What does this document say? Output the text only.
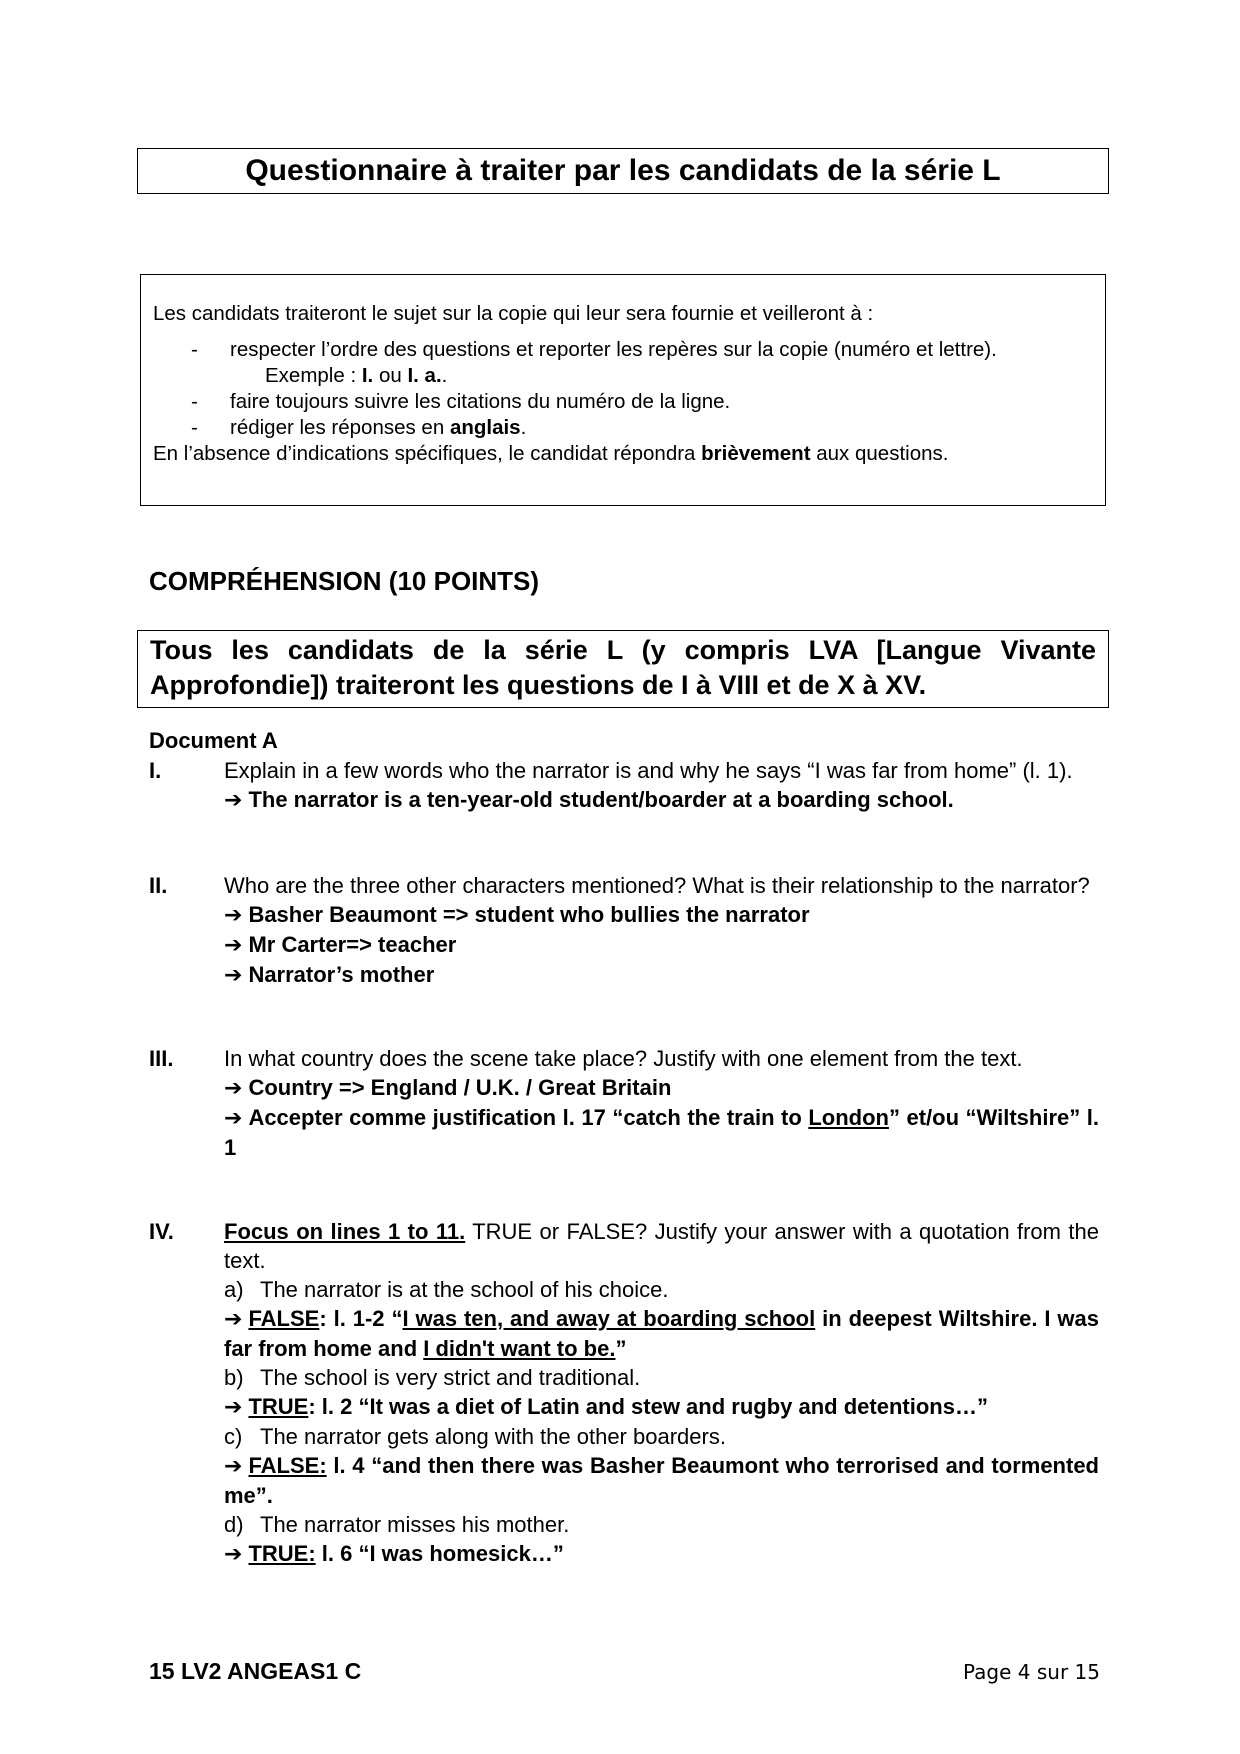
Questionnaire à traiter par les candidats de la série L
Les candidats traiteront le sujet sur la copie qui leur sera fournie et veilleront à :
- respecter l’ordre des questions et reporter les repères sur la copie (numéro et lettre).
Exemple : I. ou I. a..
- faire toujours suivre les citations du numéro de la ligne.
- rédiger les réponses en anglais.
En l’absence d’indications spécifiques, le candidat répondra brièvement aux questions.
COMPRÉHENSION (10 POINTS)
Tous les candidats de la série L (y compris LVA [Langue Vivante Approfondie]) traiteront les questions de I à VIII et de X à XV.
Document A
I.	Explain in a few words who the narrator is and why he says “I was far from home” (l. 1).
➔ The narrator is a ten-year-old student/boarder at a boarding school.
II.	Who are the three other characters mentioned? What is their relationship to the narrator?
➔ Basher Beaumont => student who bullies the narrator
➔ Mr Carter=> teacher
➔ Narrator’s mother
III. In what country does the scene take place? Justify with one element from the text.
➔ Country => England / U.K. / Great Britain
➔ Accepter comme justification l. 17 “catch the train to London” et/ou “Wiltshire” l. 1
IV. Focus on lines 1 to 11. TRUE or FALSE? Justify your answer with a quotation from the text.
a) The narrator is at the school of his choice.
➔ FALSE: l. 1-2 “I was ten, and away at boarding school in deepest Wiltshire. I was far from home and I didn't want to be.”
b) The school is very strict and traditional.
➔ TRUE: l. 2 “It was a diet of Latin and stew and rugby and detentions…”
c) The narrator gets along with the other boarders.
➔ FALSE: l. 4 “and then there was Basher Beaumont who terrorised and tormented me”.
d) The narrator misses his mother.
➔ TRUE: l. 6 “I was homesick…”
15 LV2 ANGEAS1 C	Page 4 sur 15
